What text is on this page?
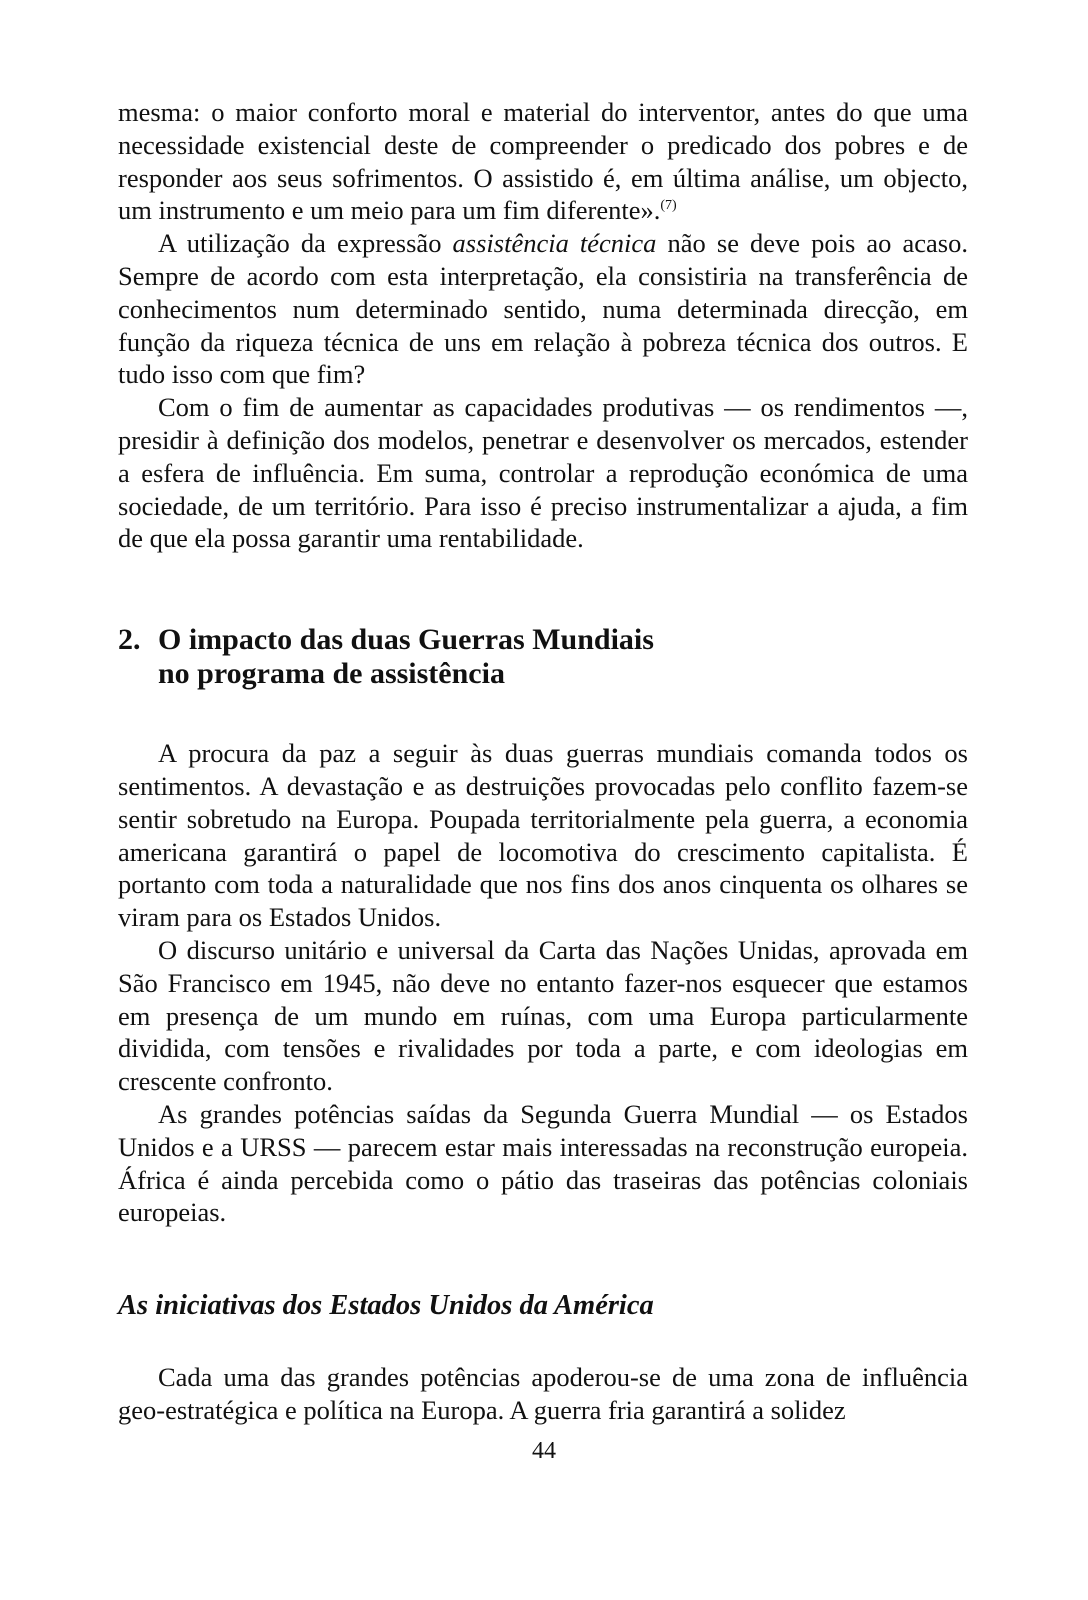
mesma: o maior conforto moral e material do interventor, antes do que uma necessidade existencial deste de compreender o predicado dos pobres e de responder aos seus sofrimentos. O assistido é, em última análise, um objecto, um instrumento e um meio para um fim diferente».$^{(7)}$

A utilização da expressão assistência técnica não se deve pois ao acaso. Sempre de acordo com esta interpretação, ela consistiria na transferência de conhecimentos num determinado sentido, numa determinada direcção, em função da riqueza técnica de uns em relação à pobreza técnica dos outros. E tudo isso com que fim?

Com o fim de aumentar as capacidades produtivas — os rendimentos —, presidir à definição dos modelos, penetrar e desenvolver os mercados, estender a esfera de influência. Em suma, controlar a reprodução económica de uma sociedade, de um território. Para isso é preciso instrumentalizar a ajuda, a fim de que ela possa garantir uma rentabilidade.

2. O impacto das duas Guerras Mundiais
no programa de assistência

A procura da paz a seguir às duas guerras mundiais comanda todos os sentimentos. A devastação e as destruições provocadas pelo conflito fazem-se sentir sobretudo na Europa. Poupada territorialmente pela guerra, a economia americana garantirá o papel de locomotiva do crescimento capitalista. É portanto com toda a naturalidade que nos fins dos anos cinquenta os olhares se viram para os Estados Unidos.

O discurso unitário e universal da Carta das Nações Unidas, aprovada em São Francisco em 1945, não deve no entanto fazer-nos esquecer que estamos em presença de um mundo em ruínas, com uma Europa particularmente dividida, com tensões e rivalidades por toda a parte, e com ideologias em crescente confronto.

As grandes potências saídas da Segunda Guerra Mundial — os Estados Unidos e a URSS — parecem estar mais interessadas na reconstrução europeia. África é ainda percebida como o pátio das traseiras das potências coloniais europeias.

As iniciativas dos Estados Unidos da América

Cada uma das grandes potências apoderou-se de uma zona de influência geo-estratégica e política na Europa. A guerra fria garantirá a solidez

44
